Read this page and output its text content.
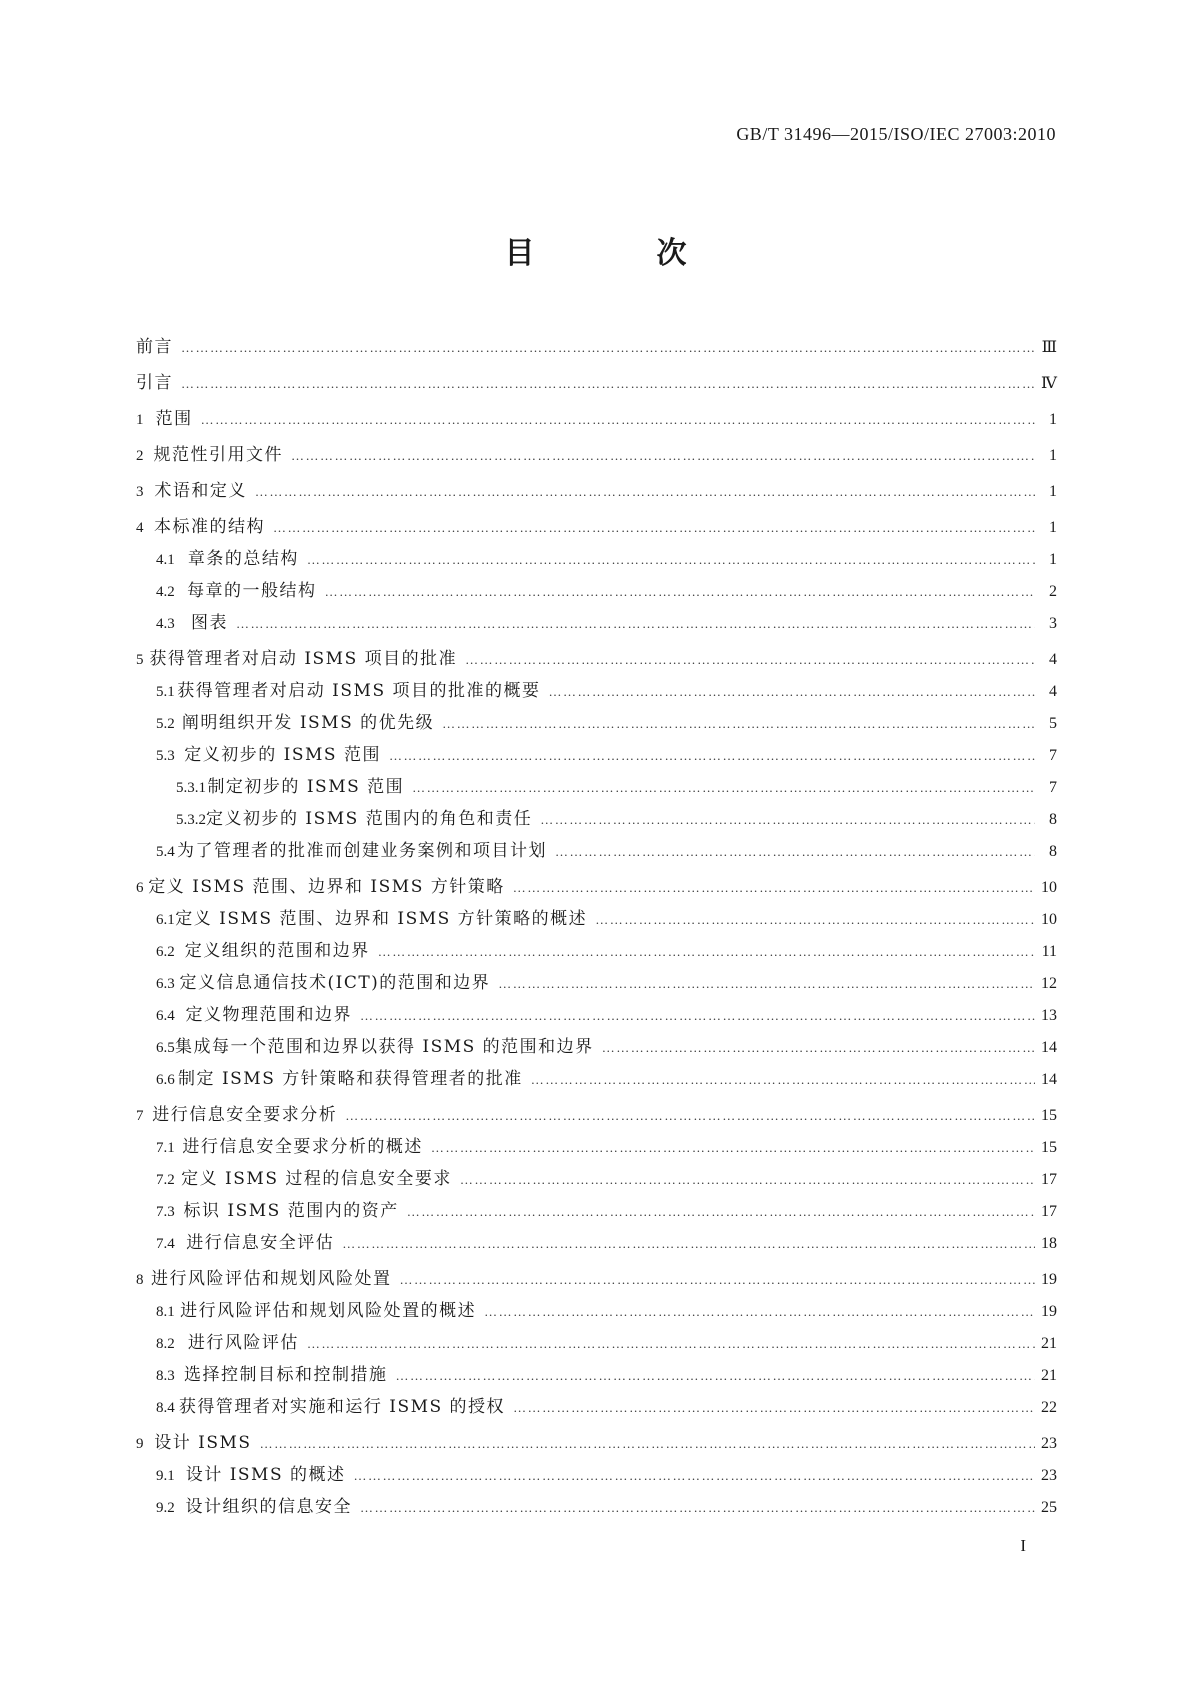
GB/T 31496—2015/ISO/IEC 27003:2010
目　次
前言 …………………………………………………………………………………………………………………………………………………………………………………………………………………………	Ⅲ
引言 …………………………………………………………………………………………………………………………………………………………………………………………………………………………	Ⅳ
1 范围 …………………………………………………………………………………………………………………………………………………………………………………………………………………………	1
2 规范性引用文件 …………………………………………………………………………………………………………………………………………………………………………………………………………………………	1
3 术语和定义 …………………………………………………………………………………………………………………………………………………………………………………………………………………………	1
4 本标准的结构 …………………………………………………………………………………………………………………………………………………………………………………………………………………………	1
4.1 章条的总结构 …………………………………………………………………………………………………………………………………………………………………………………………………………………………	1
4.2 每章的一般结构 …………………………………………………………………………………………………………………………………………………………………………………………………………………………	2
4.3 图表 …………………………………………………………………………………………………………………………………………………………………………………………………………………………	3
5 获得管理者对启动 ISMS 项目的批准 …………………………………………………………………………………………………………………………………………………………………………………………………………………………	4
5.1 获得管理者对启动 ISMS 项目的批准的概要 …………………………………………………………………………………………………………………………………………………………………………………………………………………………	4
5.2 阐明组织开发 ISMS 的优先级 …………………………………………………………………………………………………………………………………………………………………………………………………………………………	5
5.3 定义初步的 ISMS 范围 …………………………………………………………………………………………………………………………………………………………………………………………………………………………	7
5.3.1 制定初步的 ISMS 范围 …………………………………………………………………………………………………………………………………………………………………………………………………………………………	7
5.3.2 定义初步的 ISMS 范围内的角色和责任 …………………………………………………………………………………………………………………………………………………………………………………………………………………………	8
5.4 为了管理者的批准而创建业务案例和项目计划 …………………………………………………………………………………………………………………………………………………………………………………………………………………………	8
6 定义 ISMS 范围、边界和 ISMS 方针策略 …………………………………………………………………………………………………………………………………………………………………………………………………………………………	10
6.1 定义 ISMS 范围、边界和 ISMS 方针策略的概述 …………………………………………………………………………………………………………………………………………………………………………………………………………………………	10
6.2 定义组织的范围和边界 …………………………………………………………………………………………………………………………………………………………………………………………………………………………	11
6.3 定义信息通信技术(ICT)的范围和边界 …………………………………………………………………………………………………………………………………………………………………………………………………………………………	12
6.4 定义物理范围和边界 …………………………………………………………………………………………………………………………………………………………………………………………………………………………	13
6.5 集成每一个范围和边界以获得 ISMS 的范围和边界 …………………………………………………………………………………………………………………………………………………………………………………………………………………………	14
6.6 制定 ISMS 方针策略和获得管理者的批准 …………………………………………………………………………………………………………………………………………………………………………………………………………………………	14
7 进行信息安全要求分析 …………………………………………………………………………………………………………………………………………………………………………………………………………………………	15
7.1 进行信息安全要求分析的概述 …………………………………………………………………………………………………………………………………………………………………………………………………………………………	15
7.2 定义 ISMS 过程的信息安全要求 …………………………………………………………………………………………………………………………………………………………………………………………………………………………	17
7.3 标识 ISMS 范围内的资产 …………………………………………………………………………………………………………………………………………………………………………………………………………………………	17
7.4 进行信息安全评估 …………………………………………………………………………………………………………………………………………………………………………………………………………………………	18
8 进行风险评估和规划风险处置 …………………………………………………………………………………………………………………………………………………………………………………………………………………………	19
8.1 进行风险评估和规划风险处置的概述 …………………………………………………………………………………………………………………………………………………………………………………………………………………………	19
8.2 进行风险评估 …………………………………………………………………………………………………………………………………………………………………………………………………………………………	21
8.3 选择控制目标和控制措施 …………………………………………………………………………………………………………………………………………………………………………………………………………………………	21
8.4 获得管理者对实施和运行 ISMS 的授权 …………………………………………………………………………………………………………………………………………………………………………………………………………………………	22
9 设计 ISMS …………………………………………………………………………………………………………………………………………………………………………………………………………………………	23
9.1 设计 ISMS 的概述 …………………………………………………………………………………………………………………………………………………………………………………………………………………………	23
9.2 设计组织的信息安全 …………………………………………………………………………………………………………………………………………………………………………………………………………………………	25
I
